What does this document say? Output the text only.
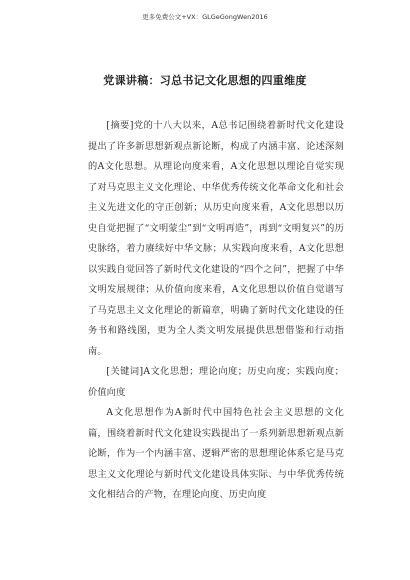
更多免费公文+VX：GLGeGongWen2016
党课讲稿：习总书记文化思想的四重维度

[摘要]党的十八大以来，A总书记围绕着新时代文化建设提出了许多新思想新观点新论断，构成了内涵丰富、论述深刻的A文化思想。从理论向度来看，A文化思想以理论自觉实现了对马克思主义文化理论、中华优秀传统文化革命文化和社会主义先进文化的守正创新；从历史向度来看，A文化思想以历史自觉把握了“文明蒙尘”到“文明再造”，再到“文明复兴”的历史脉络，着力赓续好中华文脉；从实践向度来看，A文化思想以实践自觉回答了新时代文化建设的“四个之问”，把握了中华文明发展规律；从价值向度来看，A文化思想以价值自觉谱写了马克思主义文化理论的新篇章，明确了新时代文化建设的任务书和路线图，更为全人类文明发展提供思想借鉴和行动指南。

[关键词]A文化思想；理论向度；历史向度；实践向度；价值向度

A文化思想作为A新时代中国特色社会主义思想的文化篇，围绕着新时代文化建设实践提出了一系列新思想新观点新论断，作为一个内涵丰富、逻辑严密的思想理论体系它是马克思主义文化理论与新时代文化建设具体实际、与中华优秀传统文化相结合的产物，在理论向度、历史向度
